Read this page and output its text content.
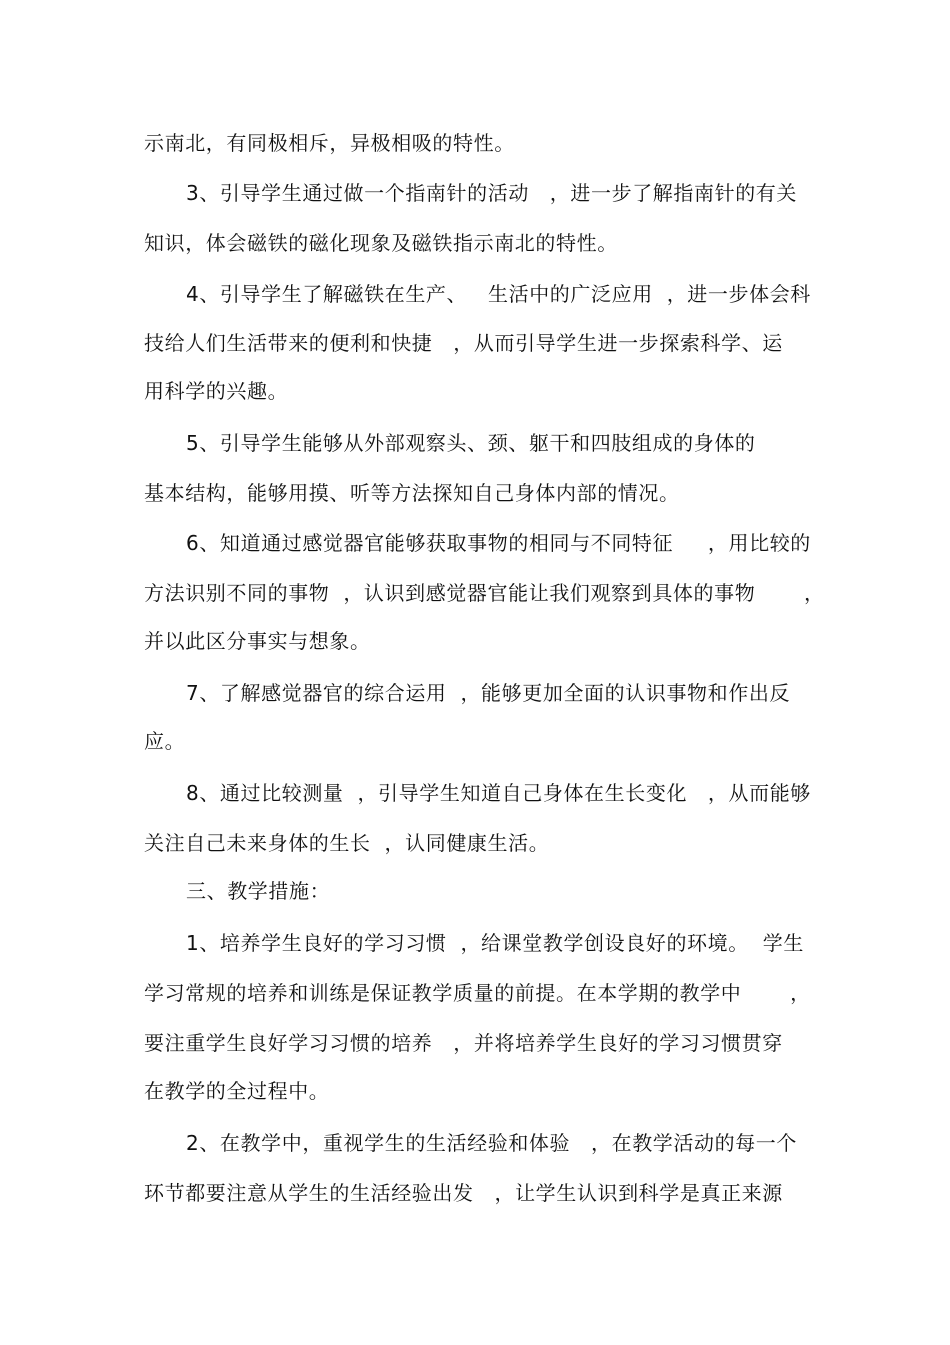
示南北，有同极相斥，异极相吸的特性。
3、引导学生通过做一个指南针的活动   ，进一步了解指南针的有关
知识，体会磁铁的磁化现象及磁铁指示南北的特性。
4、引导学生了解磁铁在生产、   生活中的广泛应用  ，进一步体会科
技给人们生活带来的便利和快捷   ，从而引导学生进一步探索科学、运
用科学的兴趣。
5、引导学生能够从外部观察头、颈、躯干和四肢组成的身体的
基本结构，能够用摸、听等方法探知自己身体内部的情况。
6、知道通过感觉器官能够获取事物的相同与不同特征     ，用比较的
方法识别不同的事物  ，认识到感觉器官能让我们观察到具体的事物       ，
并以此区分事实与想象。
7、了解感觉器官的综合运用  ，能够更加全面的认识事物和作出反
应。
8、通过比较测量  ，引导学生知道自己身体在生长变化   ，从而能够
关注自己未来身体的生长  ，认同健康生活。
三、教学措施：
1、培养学生良好的学习习惯  ，给课堂教学创设良好的环境。  学生
学习常规的培养和训练是保证教学质量的前提。在本学期的教学中       ，
要注重学生良好学习习惯的培养   ，并将培养学生良好的学习习惯贯穿
在教学的全过程中。
2、在教学中，重视学生的生活经验和体验   ，在教学活动的每一个
环节都要注意从学生的生活经验出发   ，让学生认识到科学是真正来源
